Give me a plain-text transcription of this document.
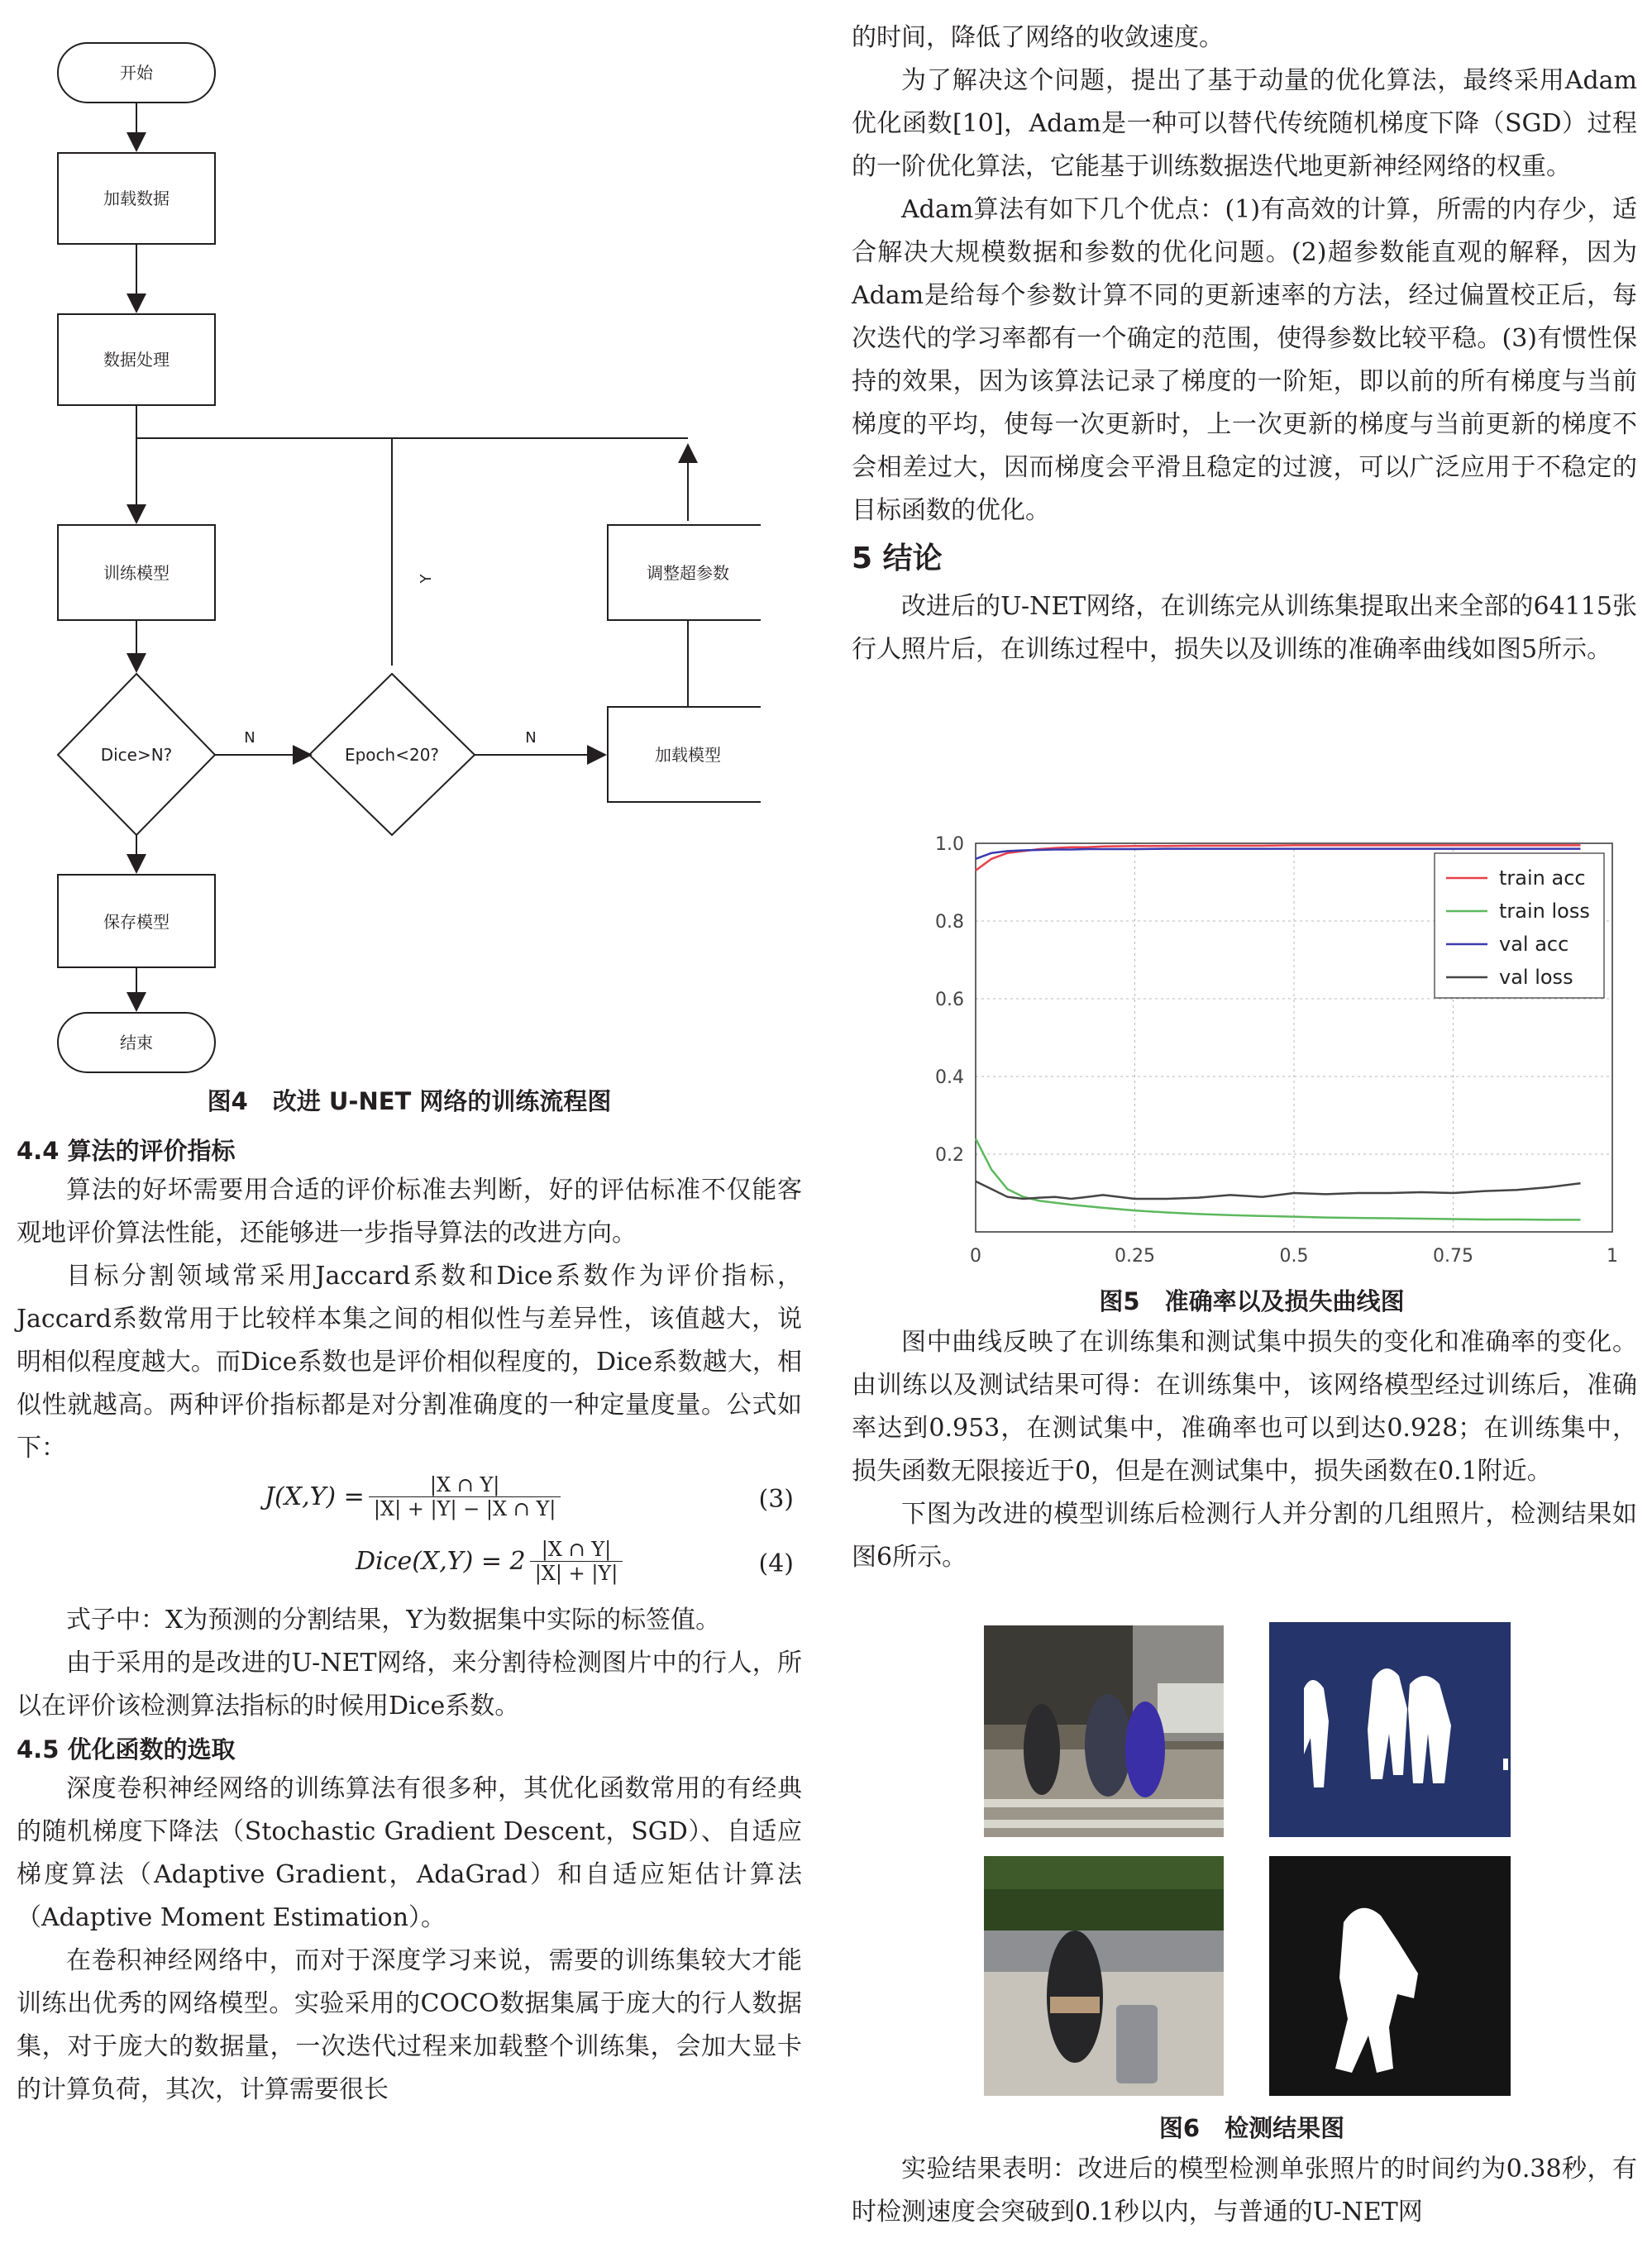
开始
加载数据
数据处理
训练模型	调整超参数
Dice>N?	Epoch<20?	加载模型
保存模型
结束
N	N
Y

图4 改进 U-NET 网络的训练流程图

4.4 算法的评价指标

算法的好坏需要用合适的评价标准去判断，好的评估标准不仅能客观地评价算法性能，还能够进一步指导算法的改进方向。

目标分割领域常采用Jaccard系数和Dice系数作为评价指标，Jaccard系数常用于比较样本集之间的相似性与差异性，该值越大，说明相似程度越大。而Dice系数也是评价相似程度的，Dice系数越大，相似性就越高。两种评价指标都是对分割准确度的一种定量度量。公式如下：

$J(X,Y) = \frac{|X \cap Y|}{|X| + |Y| - |X \cap Y|}$	(3)
Dice(X,Y) = $2 \frac{|X \cap Y|}{|X| + |Y|}$	(4)

式子中：X为预测的分割结果，Y为数据集中实际的标签值。

由于采用的是改进的U-NET网络，来分割待检测图片中的行人，所以在评价该检测算法指标的时候用Dice系数。

4.5 优化函数的选取

深度卷积神经网络的训练算法有很多种，其优化函数常用的有经典的随机梯度下降法（Stochastic Gradient Descent，SGD）、自适应梯度算法（Adaptive Gradient，AdaGrad）和自适应矩估计算法（Adaptive Moment Estimation）。

在卷积神经网络中，而对于深度学习来说，需要的训练集较大才能训练出优秀的网络模型。实验采用的COCO数据集属于庞大的行人数据集，对于庞大的数据量，一次迭代过程来加载整个训练集，会加大显卡的计算负荷，其次，计算需要很长

的时间，降低了网络的收敛速度。

为了解决这个问题，提出了基于动量的优化算法，最终采用Adam优化函数[10]，Adam是一种可以替代传统随机梯度下降（SGD）过程的一阶优化算法，它能基于训练数据迭代地更新神经网络的权重。

Adam算法有如下几个优点：(1)有高效的计算，所需的内存少，适合解决大规模数据和参数的优化问题。(2)超参数能直观的解释，因为Adam是给每个参数计算不同的更新速率的方法，经过偏置校正后，每次迭代的学习率都有一个确定的范围，使得参数比较平稳。(3)有惯性保持的效果，因为该算法记录了梯度的一阶矩，即以前的所有梯度与当前梯度的平均，使每一次更新时，上一次更新的梯度与当前更新的梯度不会相差过大，因而梯度会平滑且稳定的过渡，可以广泛应用于不稳定的目标函数的优化。

5 结论

改进后的U-NET网络，在训练完从训练集提取出来全部的64115张行人照片后，在训练过程中，损失以及训练的准确率曲线如图5所示。

0.2
0.4
0.6
0.8
1.0
0	0.25	0.5	0.75	1
train acc
train loss
val acc
val loss

图5 准确率以及损失曲线图

图中曲线反映了在训练集和测试集中损失的变化和准确率的变化。由训练以及测试结果可得：在训练集中，该网络模型经过训练后，准确率达到0.953，在测试集中，准确率也可以到达0.928；在训练集中，损失函数无限接近于0，但是在测试集中，损失函数在0.1附近。

下图为改进的模型训练后检测行人并分割的几组照片，检测结果如图6所示。

图6 检测结果图

实验结果表明：改进后的模型检测单张照片的时间约为0.38秒，有时检测速度会突破到0.1秒以内，与普通的U-NET网
